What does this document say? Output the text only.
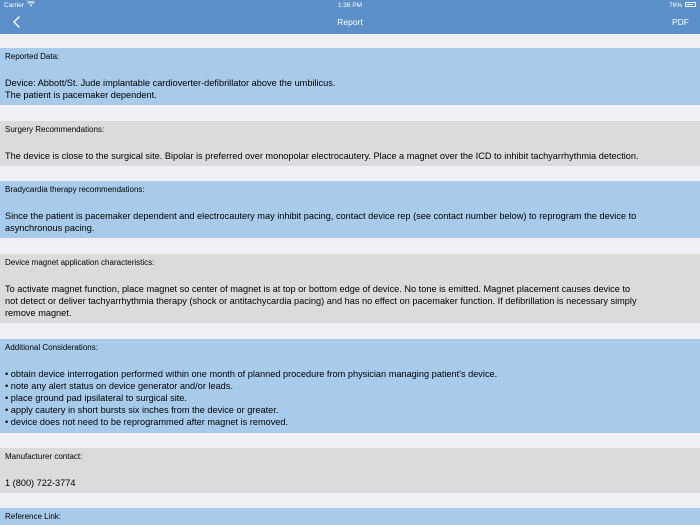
Carrier	1:36 PM	76%
Report	PDF
Reported Data:
Device: Abbott/St. Jude implantable cardioverter-defibrillator above the umbilicus.
The patient is pacemaker dependent.
Surgery Recommendations:
The device is close to the surgical site. Bipolar is preferred over monopolar electrocautery. Place a magnet over the ICD to inhibit tachyarrhythmia detection.
Bradycardia therapy recommendations:
Since the patient is pacemaker dependent and electrocautery may inhibit pacing, contact device rep (see contact number below) to reprogram the device to
asynchronous pacing.
Device magnet application characteristics:
To activate magnet function, place magnet so center of magnet is at top or bottom edge of device. No tone is emitted. Magnet placement causes device to
not detect or deliver tachyarrhythmia therapy (shock or antitachycardia pacing) and has no effect on pacemaker function. If defibrillation is necessary simply
remove magnet.
Additional Considerations:
• obtain device interrogation performed within one month of planned procedure from physician managing patient's device.
• note any alert status on device generator and/or leads.
• place ground pad ipsilateral to surgical site.
• apply cautery in short bursts six inches from the device or greater.
• device does not need to be reprogrammed after magnet is removed.
Manufacturer contact:
1 (800) 722-3774
Reference Link:
